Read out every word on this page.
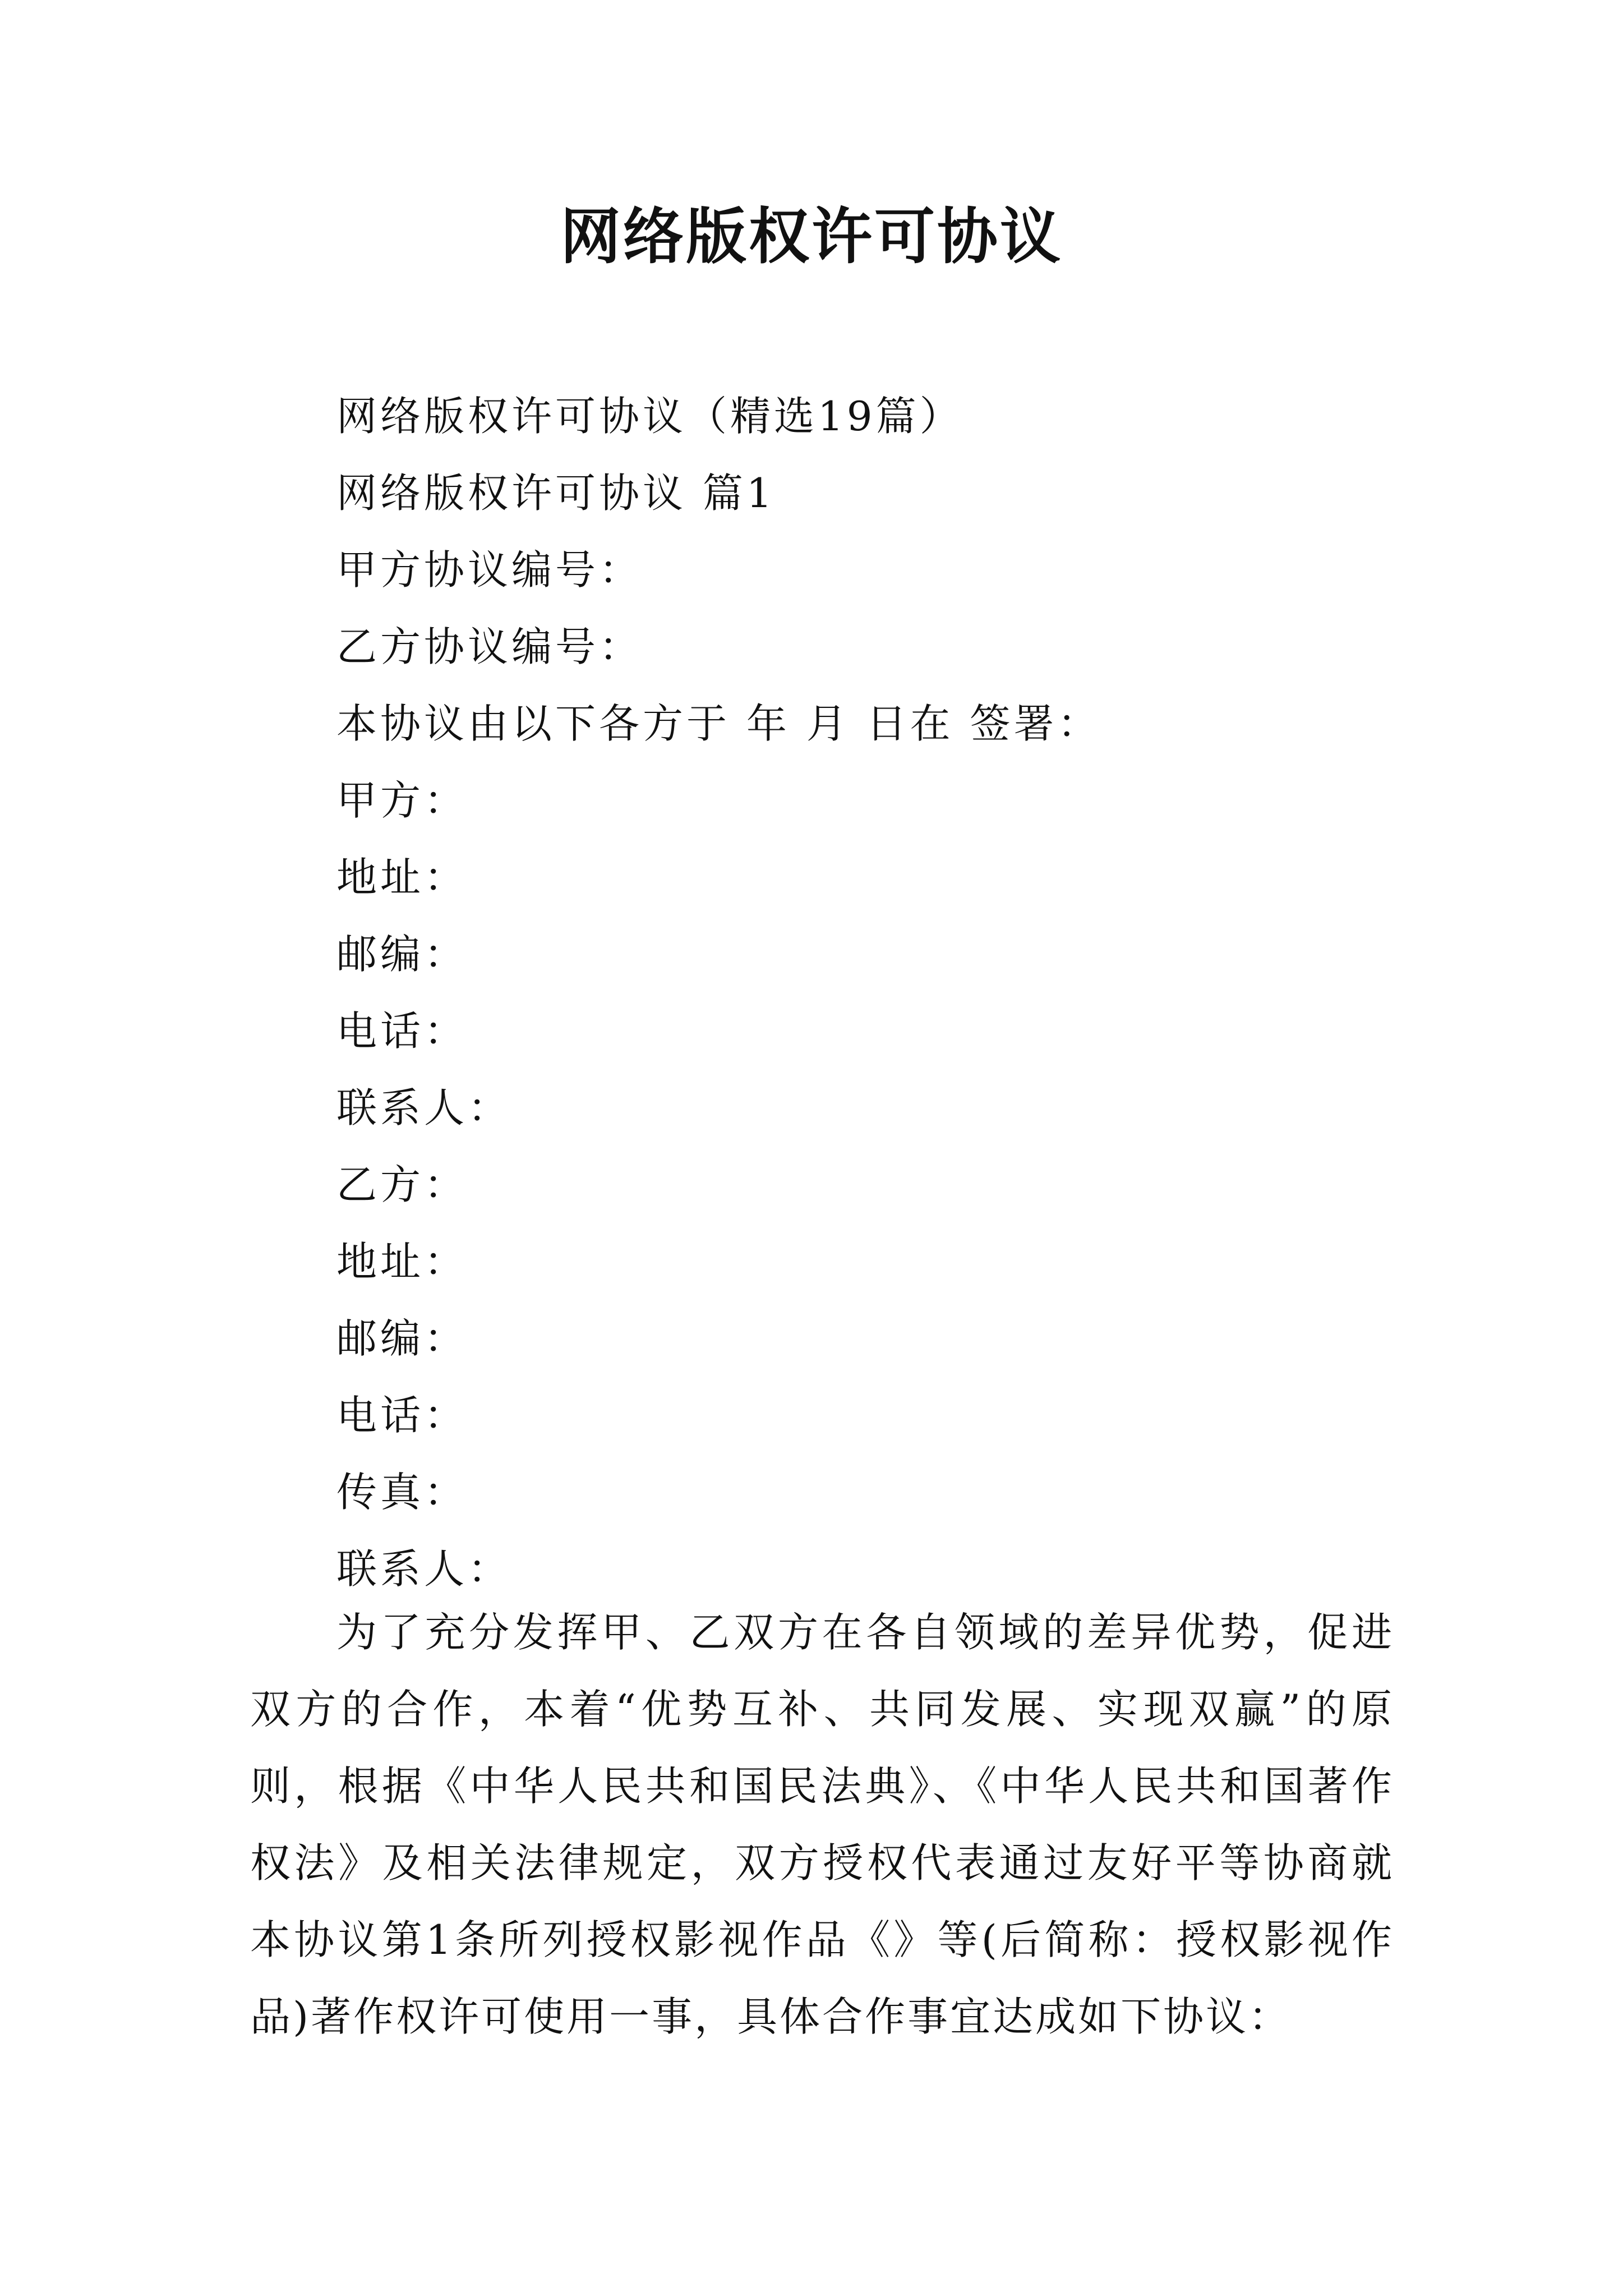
网络版权许可协议
网络版权许可协议（精选19篇）
网络版权许可协议 篇1
甲方协议编号：
乙方协议编号：
本协议由以下各方于 年 月 日在 签署：
甲方：
地址：
邮编：
电话：
联系人：
乙方：
地址：
邮编：
电话：
传真：
联系人：

为了充分发挥甲、乙双方在各自领域的差异优势，促进双方的合作，本着“优势互补、共同发展、实现双赢”的原则，根据《中华人民共和国民法典》、《中华人民共和国著作权法》及相关法律规定，双方授权代表通过友好平等协商就本协议第1条所列授权影视作品《》等(后简称：授权影视作品)著作权许可使用一事，具体合作事宜达成如下协议：
